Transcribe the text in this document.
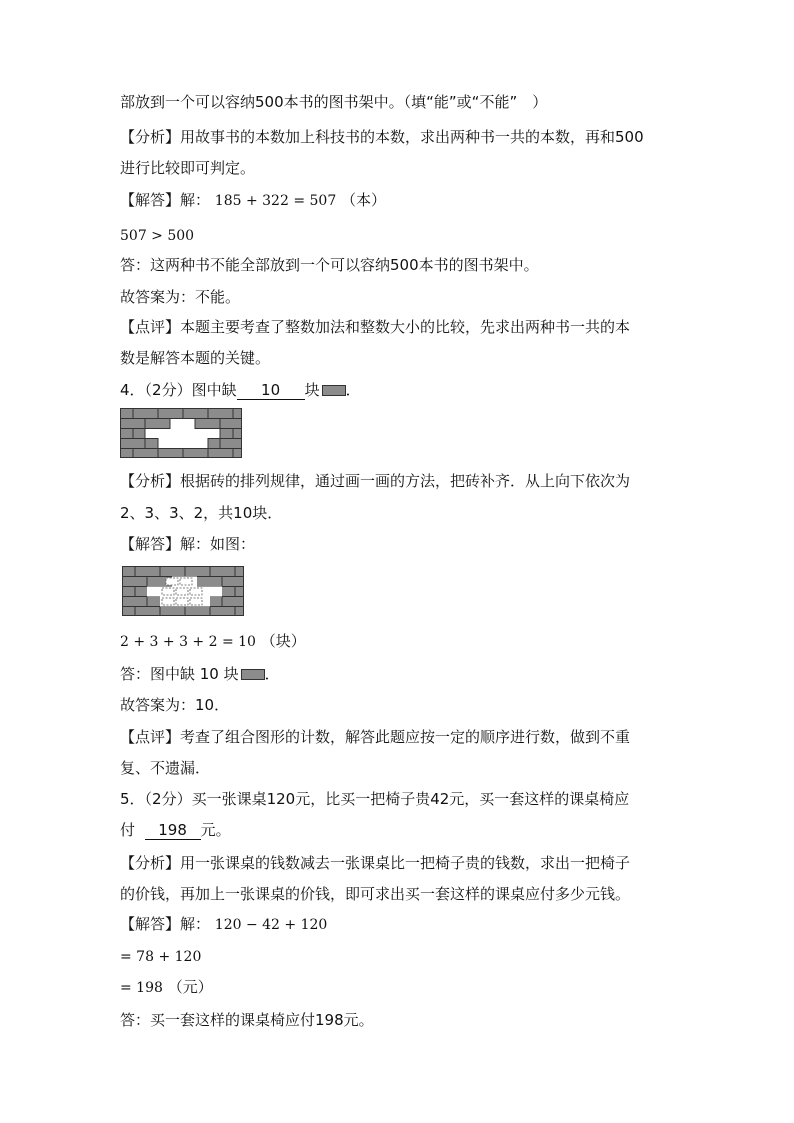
部放到一个可以容纳500本书的图书架中。（填“能”或“不能”　）
【分析】用故事书的本数加上科技书的本数，求出两种书一共的本数，再和500
进行比较即可判定。
【解答】解： 185 + 322 = 507 （本）
507 > 500
答：这两种书不能全部放到一个可以容纳500本书的图书架中。
故答案为：不能。
【点评】本题主要考查了整数加法和整数大小的比较，先求出两种书一共的本
数是解答本题的关键。
4．（2分）图中缺 10 块 ．
【分析】根据砖的排列规律，通过画一画的方法，把砖补齐．从上向下依次为
2、3、3、2，共10块．
【解答】解：如图：
2 + 3 + 3 + 2 = 10 （块）
答：图中缺 10 块 ．
故答案为：10．
【点评】考查了组合图形的计数，解答此题应按一定的顺序进行数，做到不重
复、不遗漏．
5．（2分）买一张课桌120元，比买一把椅子贵42元，买一套这样的课桌椅应
付 198 元。
【分析】用一张课桌的钱数减去一张课桌比一把椅子贵的钱数，求出一把椅子
的价钱，再加上一张课桌的价钱，即可求出买一套这样的课桌应付多少元钱。
【解答】解： 120 − 42 + 120
= 78 + 120
= 198 （元）
答：买一套这样的课桌椅应付198元。
